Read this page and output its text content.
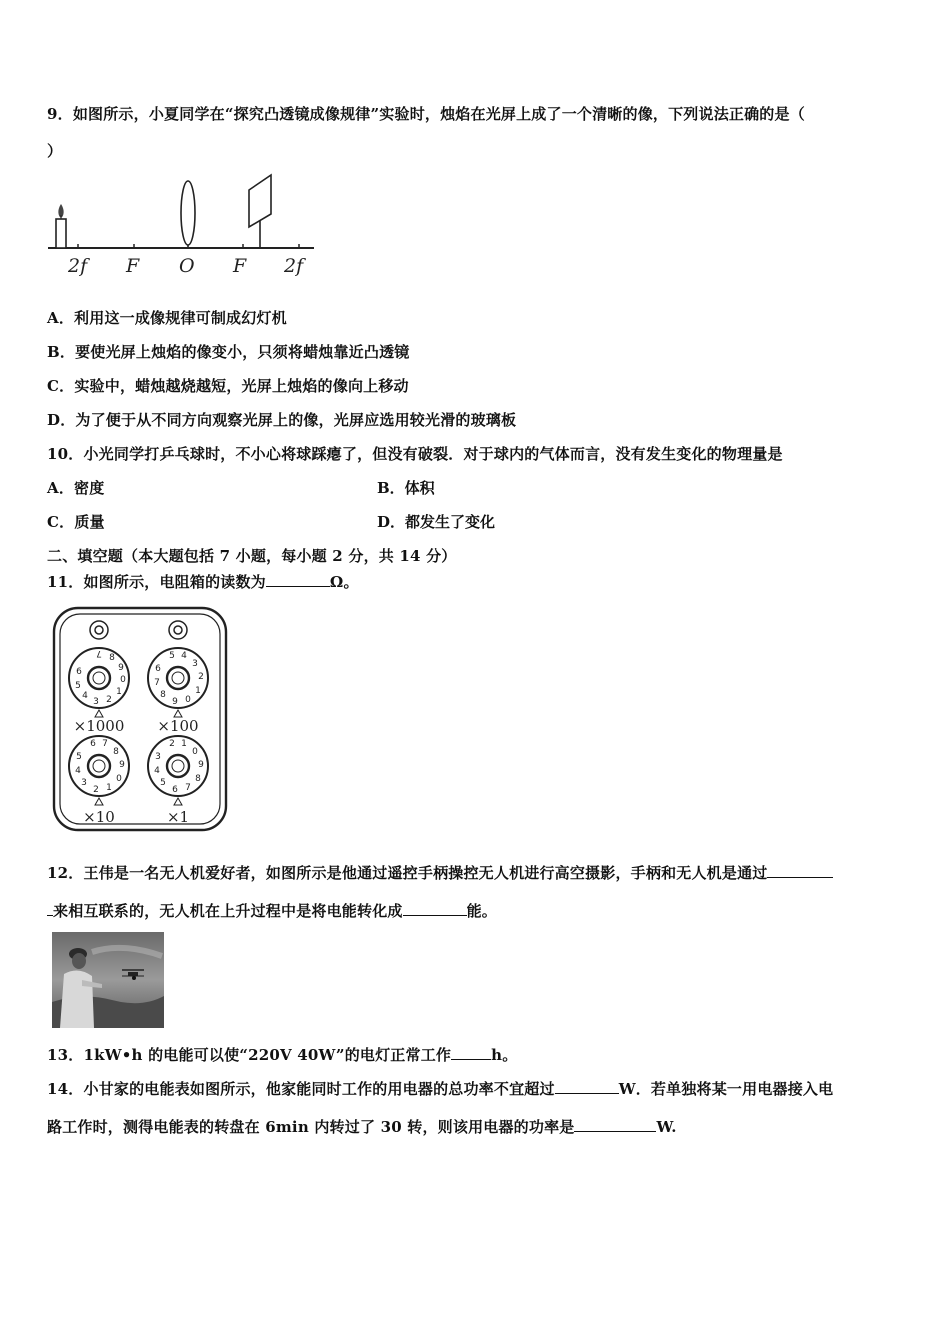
9．如图所示，小夏同学在“探究凸透镜成像规律”实验时，烛焰在光屏上成了一个清晰的像，下列说法正确的是（
）
2f F O F 2f
A．利用这一成像规律可制成幻灯机
B．要使光屏上烛焰的像变小，只须将蜡烛靠近凸透镜
C．实验中，蜡烛越烧越短，光屏上烛焰的像向上移动
D．为了便于从不同方向观察光屏上的像，光屏应选用较光滑的玻璃板
10．小光同学打乒乓球时，不小心将球踩瘪了，但没有破裂．对于球内的气体而言，没有发生变化的物理量是
A．密度	B．体积
C．质量	D．都发生了变化
二、填空题（本大题包括 7 小题，每小题 2 分，共 14 分）
11．如图所示，电阻箱的读数为	Ω。
7 8
9
0
1
2
3
4
5
6
×1000
5 4
3
2
1
0
9
8
7
6
×100
6 7
8
9
0
1
2
3
4
5
×10
2 1
0
9
8
7
6
5
4
3
×1
12．王伟是一名无人机爱好者，如图所示是他通过遥控手柄操控无人机进行高空摄影，手柄和无人机是通过
来相互联系的，无人机在上升过程中是将电能转化成	能。
13．1kW•h 的电能可以使“220V 40W”的电灯正常工作	h。
14．小甘家的电能表如图所示，他家能同时工作的用电器的总功率不宜超过	W．若单独将某一用电器接入电
路工作时，测得电能表的转盘在 6min 内转过了 30 转，则该用电器的功率是	W.
